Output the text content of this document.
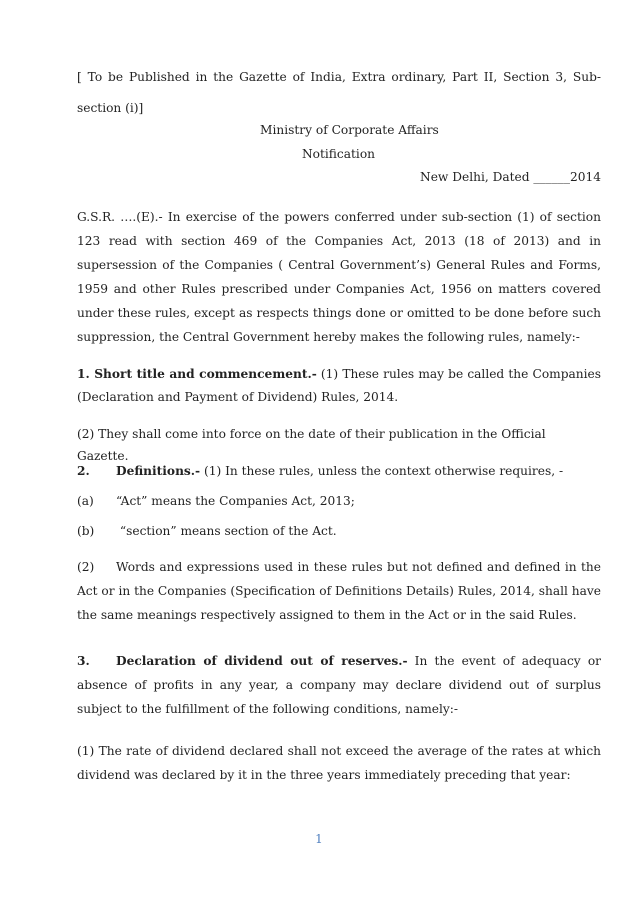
[ To be Published in the Gazette of India, Extra ordinary, Part II, Section 3, Sub-
section (i)]
Ministry of Corporate Affairs
Notification
New Delhi, Dated ______2014
G.S.R. ….(E).- In exercise of the powers conferred under sub-section (1) of section
123 read with section 469 of the Companies Act, 2013 (18 of 2013) and in
supersession of the Companies ( Central Government’s) General Rules and Forms,
1959 and other Rules prescribed under Companies Act, 1956 on matters covered
under these rules, except as respects things done or omitted to be done before such
suppression, the Central Government hereby makes the following rules, namely:-
1. Short title and commencement.- (1) These rules may be called the Companies
(Declaration and Payment of Dividend) Rules, 2014.
(2) They shall come into force on the date of their publication in the Official Gazette.
2. Definitions.- (1) In these rules, unless the context otherwise requires, -
(a) “Act” means the Companies Act, 2013;
(b) “section” means section of the Act.
(2) Words and expressions used in these rules but not defined and defined in the
Act or in the Companies (Specification of Definitions Details) Rules, 2014, shall have
the same meanings respectively assigned to them in the Act or in the said Rules.
3. Declaration of dividend out of reserves.- In the event of adequacy or
absence of profits in any year, a company may declare dividend out of surplus
subject to the fulfillment of the following conditions, namely:-
(1) The rate of dividend declared shall not exceed the average of the rates at which
dividend was declared by it in the three years immediately preceding that year:
1
